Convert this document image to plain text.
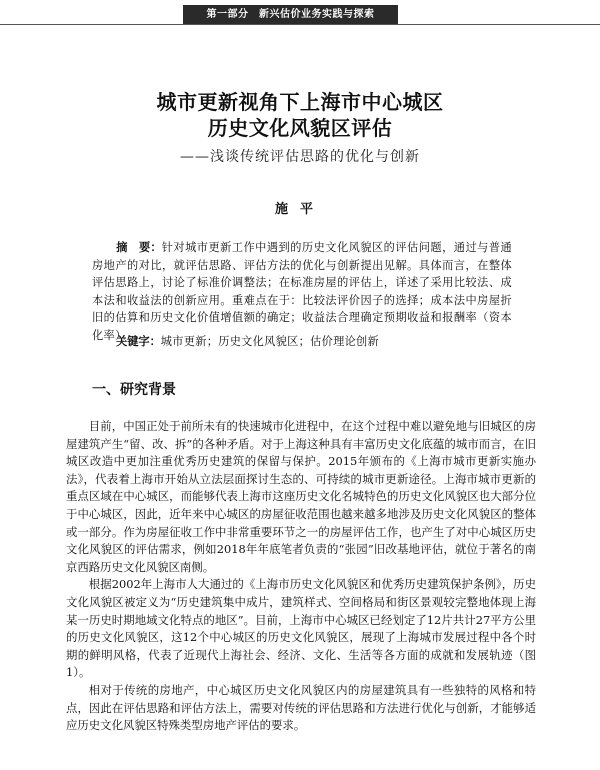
第一部分　新兴估价业务实践与探索
城市更新视角下上海市中心城区
历史文化风貌区评估
——浅谈传统评估思路的优化与创新
施平
摘　要：针对城市更新工作中遇到的历史文化风貌区的评估问题，通过与普通房地产的对比，就评估思路、评估方法的优化与创新提出见解。具体而言，在整体评估思路上，讨论了标准价调整法；在标准房屋的评估上，详述了采用比较法、成本法和收益法的创新应用。重难点在于：比较法评价因子的选择；成本法中房屋折旧的估算和历史文化价值增值额的确定；收益法合理确定预期收益和报酬率（资本化率）。
关键字：城市更新；历史文化风貌区；估价理论创新
一、研究背景

目前，中国正处于前所未有的快速城市化进程中，在这个过程中难以避免地与旧城区的房屋建筑产生“留、改、拆”的各种矛盾。对于上海这种具有丰富历史文化底蕴的城市而言，在旧城区改造中更加注重优秀历史建筑的保留与保护。2015年颁布的《上海市城市更新实施办法》，代表着上海市开始从立法层面探讨生态的、可持续的城市更新途径。上海市城市更新的重点区域在中心城区，而能够代表上海市这座历史文化名城特色的历史文化风貌区也大部分位于中心城区，因此，近年来中心城区的房屋征收范围也越来越多地涉及历史文化风貌区的整体或一部分。作为房屋征收工作中非常重要环节之一的房屋评估工作，也产生了对中心城区历史文化风貌区的评估需求，例如2018年年底笔者负责的“张园”旧改基地评估，就位于著名的南京西路历史文化风貌区南侧。

根据2002年上海市人大通过的《上海市历史文化风貌区和优秀历史建筑保护条例》，历史文化风貌区被定义为“历史建筑集中成片，建筑样式、空间格局和街区景观较完整地体现上海某一历史时期地域文化特点的地区”。目前，上海市中心城区已经划定了12片共计27平方公里的历史文化风貌区，这12个中心城区的历史文化风貌区，展现了上海城市发展过程中各个时期的鲜明风格，代表了近现代上海社会、经济、文化、生活等各方面的成就和发展轨迹（图1）。

相对于传统的房地产，中心城区历史文化风貌区内的房屋建筑具有一些独特的风格和特点，因此在评估思路和评估方法上，需要对传统的评估思路和方法进行优化与创新，才能够适应历史文化风貌区特殊类型房地产评估的要求。
